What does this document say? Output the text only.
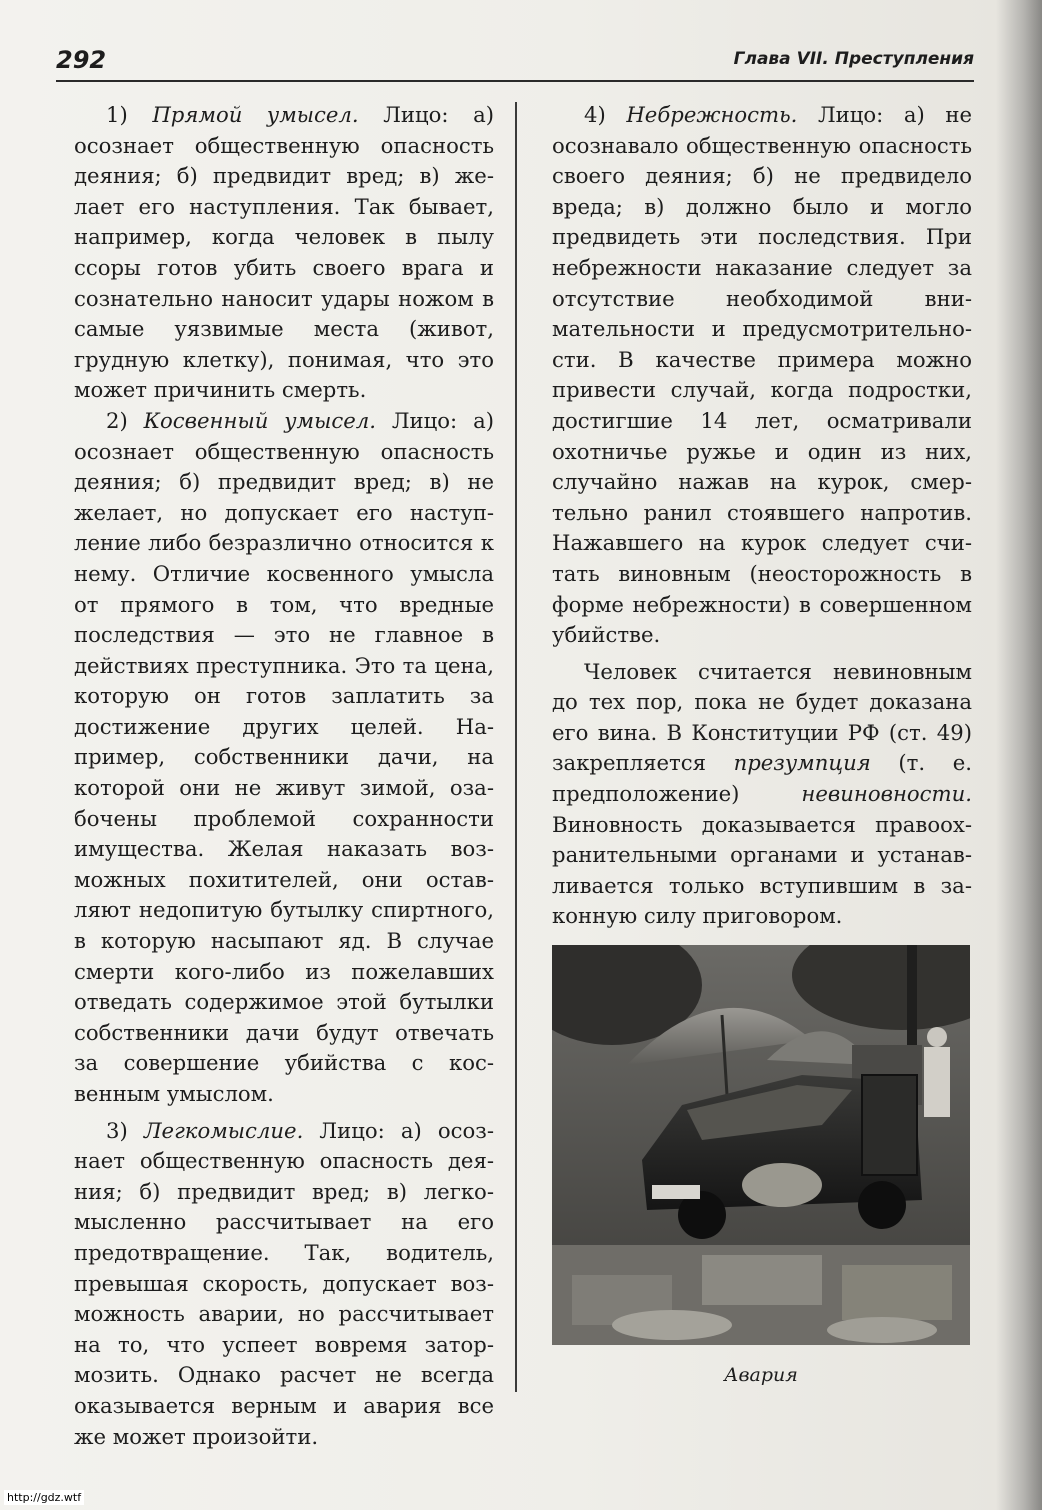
292	Глава VII. Преступления

1) Прямой умысел. Лицо: а) осознает общественную опасность деяния; б) предвидит вред; в) желает его наступления. Так бывает, например, когда человек в пылу ссоры готов убить своего врага и сознательно наносит удары ножом в самые уязвимые места (живот, грудную клетку), понимая, что это может причинить смерть.

2) Косвенный умысел. Лицо: а) осознает общественную опасность деяния; б) предвидит вред; в) не желает, но допускает его наступление либо безразлично относится к нему. Отличие косвенного умысла от прямого в том, что вредные последствия — это не главное в действиях преступника. Это та цена, которую он готов заплатить за достижение других целей. Например, собственники дачи, на которой они не живут зимой, озабочены проблемой сохранности имущества. Желая наказать возможных похитителей, они оставляют недопитую бутылку спиртного, в которую насыпают яд. В случае смерти кого-либо из пожелавших отведать содержимое этой бутылки собственники дачи будут отвечать за совершение убийства с косвенным умыслом.

3) Легкомыслие. Лицо: а) осознает общественную опасность деяния; б) предвидит вред; в) легкомысленно рассчитывает на его предотвращение. Так, водитель, превышая скорость, допускает возможность аварии, но рассчитывает на то, что успеет вовремя затормозить. Однако расчет не всегда оказывается верным и авария все же может произойти.

4) Небрежность. Лицо: а) не осознавало общественную опасность своего деяния; б) не предвидело вреда; в) должно было и могло предвидеть эти последствия. При небрежности наказание следует за отсутствие необходимой внимательности и предусмотрительности. В качестве примера можно привести случай, когда подростки, достигшие 14 лет, осматривали охотничье ружье и один из них, случайно нажав на курок, смертельно ранил стоявшего напротив. Нажавшего на курок следует считать виновным (неосторожность в форме небрежности) в совершенном убийстве.

Человек считается невиновным до тех пор, пока не будет доказана его вина. В Конституции РФ (ст. 49) закрепляется презумпция (т. е. предположение) невиновности. Виновность доказывается правоохранительными органами и устанавливается только вступившим в законную силу приговором.

Авария
http://gdz.wtf
